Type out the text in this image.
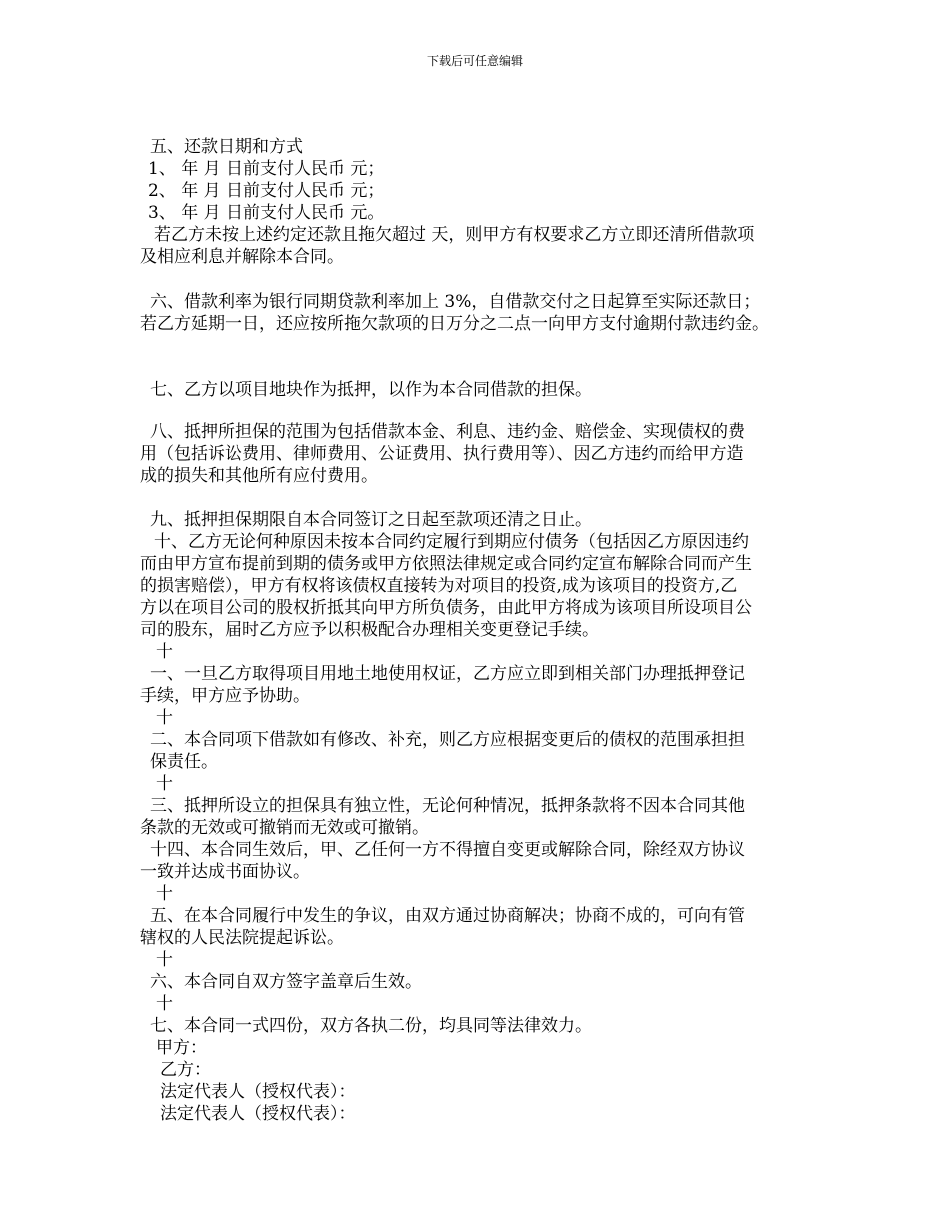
下载后可任意编辑
五、还款日期和方式
1、 年 月 日前支付人民币 元；
2、 年 月 日前支付人民币 元；
3、 年 月 日前支付人民币 元。
若乙方未按上述约定还款且拖欠超过 天，则甲方有权要求乙方立即还清所借款项
及相应利息并解除本合同。
六、借款利率为银行同期贷款利率加上 3%，自借款交付之日起算至实际还款日；
若乙方延期一日，还应按所拖欠款项的日万分之二点一向甲方支付逾期付款违约金。
七、乙方以项目地块作为抵押，以作为本合同借款的担保。
八、抵押所担保的范围为包括借款本金、利息、违约金、赔偿金、实现债权的费
用（包括诉讼费用、律师费用、公证费用、执行费用等）、因乙方违约而给甲方造
成的损失和其他所有应付费用。
九、抵押担保期限自本合同签订之日起至款项还清之日止。
十、乙方无论何种原因未按本合同约定履行到期应付债务（包括因乙方原因违约
而由甲方宣布提前到期的债务或甲方依照法律规定或合同约定宣布解除合同而产生
的损害赔偿），甲方有权将该债权直接转为对项目的投资,成为该项目的投资方,乙
方以在项目公司的股权折抵其向甲方所负债务，由此甲方将成为该项目所设项目公
司的股东，届时乙方应予以积极配合办理相关变更登记手续。
十
一、一旦乙方取得项目用地土地使用权证，乙方应立即到相关部门办理抵押登记
手续，甲方应予协助。
十
二、本合同项下借款如有修改、补充，则乙方应根据变更后的债权的范围承担担
保责任。
十
三、抵押所设立的担保具有独立性，无论何种情况，抵押条款将不因本合同其他
条款的无效或可撤销而无效或可撤销。
十四、本合同生效后，甲、乙任何一方不得擅自变更或解除合同，除经双方协议
一致并达成书面协议。
十
五、在本合同履行中发生的争议，由双方通过协商解决；协商不成的，可向有管
辖权的人民法院提起诉讼。
十
六、本合同自双方签字盖章后生效。
十
七、本合同一式四份，双方各执二份，均具同等法律效力。
甲方：
乙方：
法定代表人（授权代表）：
法定代表人（授权代表）：
